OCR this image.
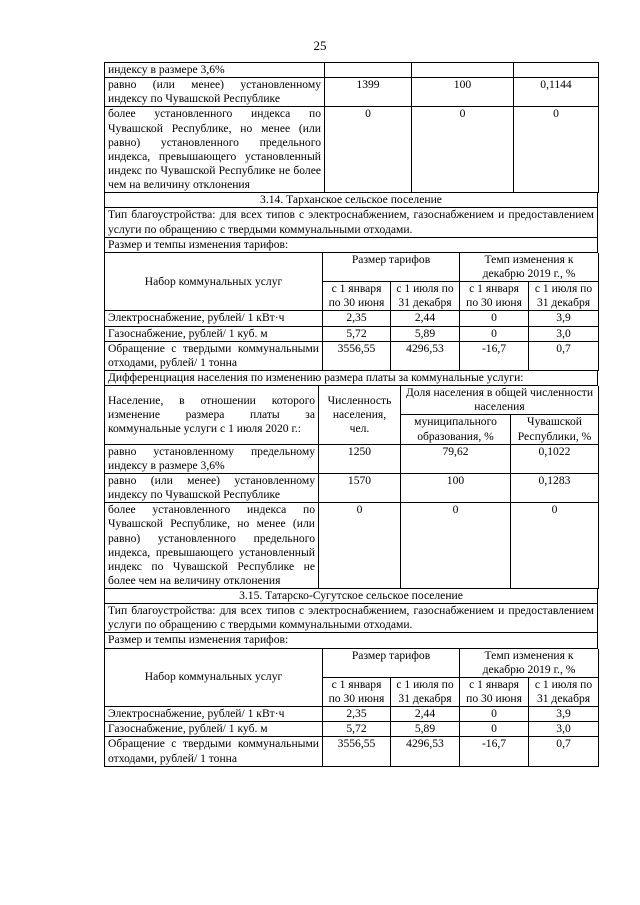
25
индексу в размере 3,6%			
равно (или менее) установленному индексу по Чувашской Республике	1399	100	0,1144
более установленного индекса по Чувашской Республике, но менее (или равно) установленного предельного индекса, превышающего установленный индекс по Чувашской Республике не более чем на величину отклонения	0	0	0
3.14. Тарханское сельское поселение
Тип благоустройства: для всех типов с электроснабжением, газоснабжением и предоставлением услуги по обращению с твердыми коммунальными отходами.
Размер и темпы изменения тарифов:
Набор коммунальных услуг	Размер тарифов		Темп изменения к декабрю 2019 г., %	
	с 1 января по 30 июня	с 1 июля по 31 декабря	с 1 января по 30 июня	с 1 июля по 31 декабря
Электроснабжение, рублей/ 1 кВт·ч	2,35	2,44	0	3,9
Газоснабжение, рублей/ 1 куб. м	5,72	5,89	0	3,0
Обращение с твердыми коммунальными отходами, рублей/ 1 тонна	3556,55	4296,53	-16,7	0,7
Дифференциация населения по изменению размера платы за коммунальные услуги:
Население, в отношении которого изменение размера платы за коммунальные услуги с 1 июля 2020 г.:	Численность населения, чел.	Доля населения в общей численности населения	
		муниципального образования, %	Чувашской Республики, %
равно установленному предельному индексу в размере 3,6%	1250	79,62	0,1022
равно (или менее) установленному индексу по Чувашской Республике	1570	100	0,1283
более установленного индекса по Чувашской Республике, но менее (или равно) установленного предельного индекса, превышающего установленный индекс по Чувашской Республике не более чем на величину отклонения	0	0	0
3.15. Татарско-Сугутское сельское поселение
Тип благоустройства: для всех типов с электроснабжением, газоснабжением и предоставлением услуги по обращению с твердыми коммунальными отходами.
Размер и темпы изменения тарифов:
Набор коммунальных услуг	Размер тарифов		Темп изменения к декабрю 2019 г., %	
	с 1 января по 30 июня	с 1 июля по 31 декабря	с 1 января по 30 июня	с 1 июля по 31 декабря
Электроснабжение, рублей/ 1 кВт·ч	2,35	2,44	0	3,9
Газоснабжение, рублей/ 1 куб. м	5,72	5,89	0	3,0
Обращение с твердыми коммунальными отходами, рублей/ 1 тонна	3556,55	4296,53	-16,7	0,7
